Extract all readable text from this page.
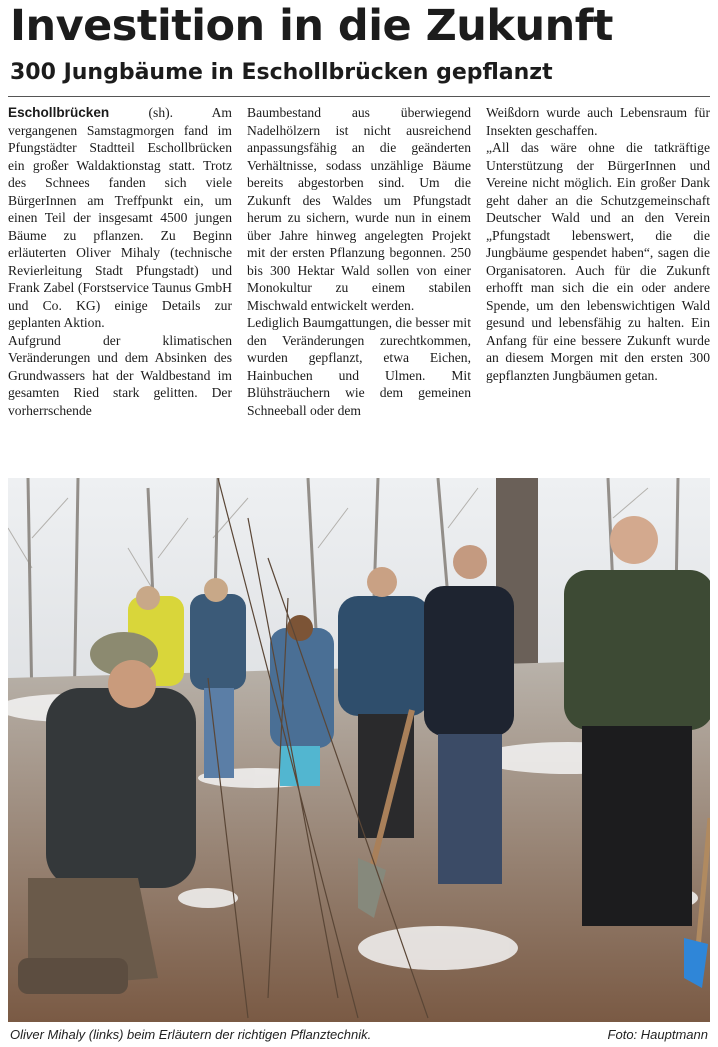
Investition in die Zukunft
300 Jungbäume in Eschollbrücken gepflanzt

Eschollbrücken (sh). Am vergangenen Samstagmorgen fand im Pfungstädter Stadtteil Eschollbrücken ein großer Waldaktionstag statt. Trotz des Schnees fanden sich viele BürgerInnen am Treffpunkt ein, um einen Teil der insgesamt 4500 jungen Bäume zu pflanzen. Zu Beginn erläuterten Oliver Mihaly (technische Revierleitung Stadt Pfungstadt) und Frank Zabel (Forstservice Taunus GmbH und Co. KG) einige Details zur geplanten Aktion.

Aufgrund der klimatischen Veränderungen und dem Absinken des Grundwassers hat der Waldbestand im gesamten Ried stark gelitten. Der vorherrschende

Baumbestand aus überwiegend Nadelhölzern ist nicht ausreichend anpassungsfähig an die geänderten Verhältnisse, sodass unzählige Bäume bereits abgestorben sind. Um die Zukunft des Waldes um Pfungstadt herum zu sichern, wurde nun in einem über Jahre hinweg angelegten Projekt mit der ersten Pflanzung begonnen. 250 bis 300 Hektar Wald sollen von einer Monokultur zu einem stabilen Mischwald entwickelt werden.

Lediglich Baumgattungen, die besser mit den Veränderungen zurechtkommen, wurden gepflanzt, etwa Eichen, Hainbuchen und Ulmen. Mit Blühsträuchern wie dem gemeinen Schneeball oder dem

Weißdorn wurde auch Lebensraum für Insekten geschaffen.

„All das wäre ohne die tatkräftige Unterstützung der BürgerInnen und Vereine nicht möglich. Ein großer Dank geht daher an die Schutzgemeinschaft Deutscher Wald und an den Verein „Pfungstadt lebenswert, die die Jungbäume gespendet haben“, sagen die Organisatoren. Auch für die Zukunft erhofft man sich die ein oder andere Spende, um den lebenswichtigen Wald gesund und lebensfähig zu halten. Ein Anfang für eine bessere Zukunft wurde an diesem Morgen mit den ersten 300 gepflanzten Jungbäumen getan.

Oliver Mihaly (links) beim Erläutern der richtigen Pflanztechnik.	Foto: Hauptmann
